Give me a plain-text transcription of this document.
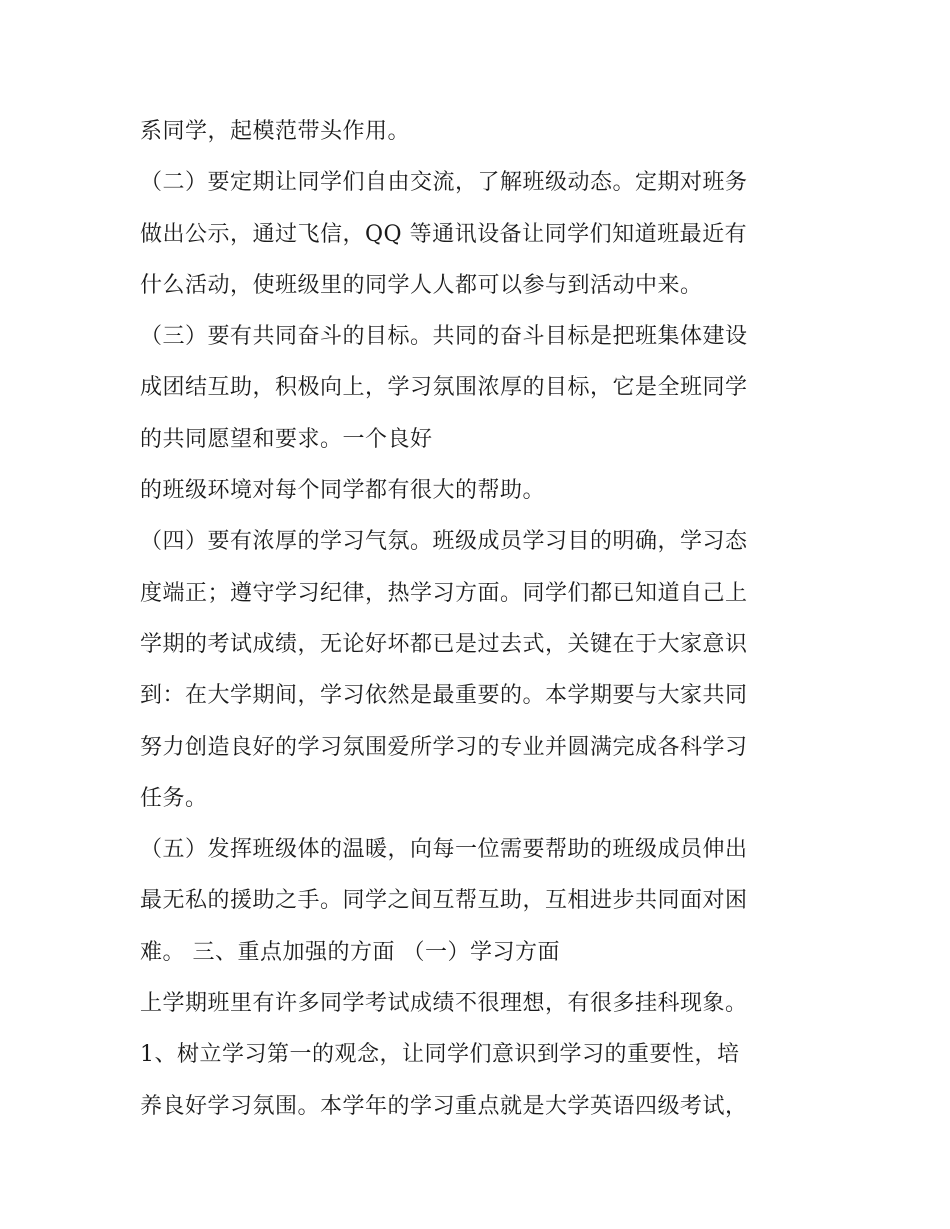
系同学，起模范带头作用。
（二）要定期让同学们自由交流，了解班级动态。定期对班务
做出公示，通过飞信，QQ 等通讯设备让同学们知道班最近有
什么活动，使班级里的同学人人都可以参与到活动中来。
（三）要有共同奋斗的目标。共同的奋斗目标是把班集体建设
成团结互助，积极向上，学习氛围浓厚的目标，它是全班同学
的共同愿望和要求。一个良好
的班级环境对每个同学都有很大的帮助。
（四）要有浓厚的学习气氛。班级成员学习目的明确，学习态
度端正；遵守学习纪律，热学习方面。同学们都已知道自己上
学期的考试成绩，无论好坏都已是过去式，关键在于大家意识
到：在大学期间，学习依然是最重要的。本学期要与大家共同
努力创造良好的学习氛围爱所学习的专业并圆满完成各科学习
任务。
（五）发挥班级体的温暖，向每一位需要帮助的班级成员伸出
最无私的援助之手。同学之间互帮互助，互相进步共同面对困
难。 三、重点加强的方面 （一）学习方面
上学期班里有许多同学考试成绩不很理想，有很多挂科现象。
1、树立学习第一的观念，让同学们意识到学习的重要性，培
养良好学习氛围。本学年的学习重点就是大学英语四级考试，
